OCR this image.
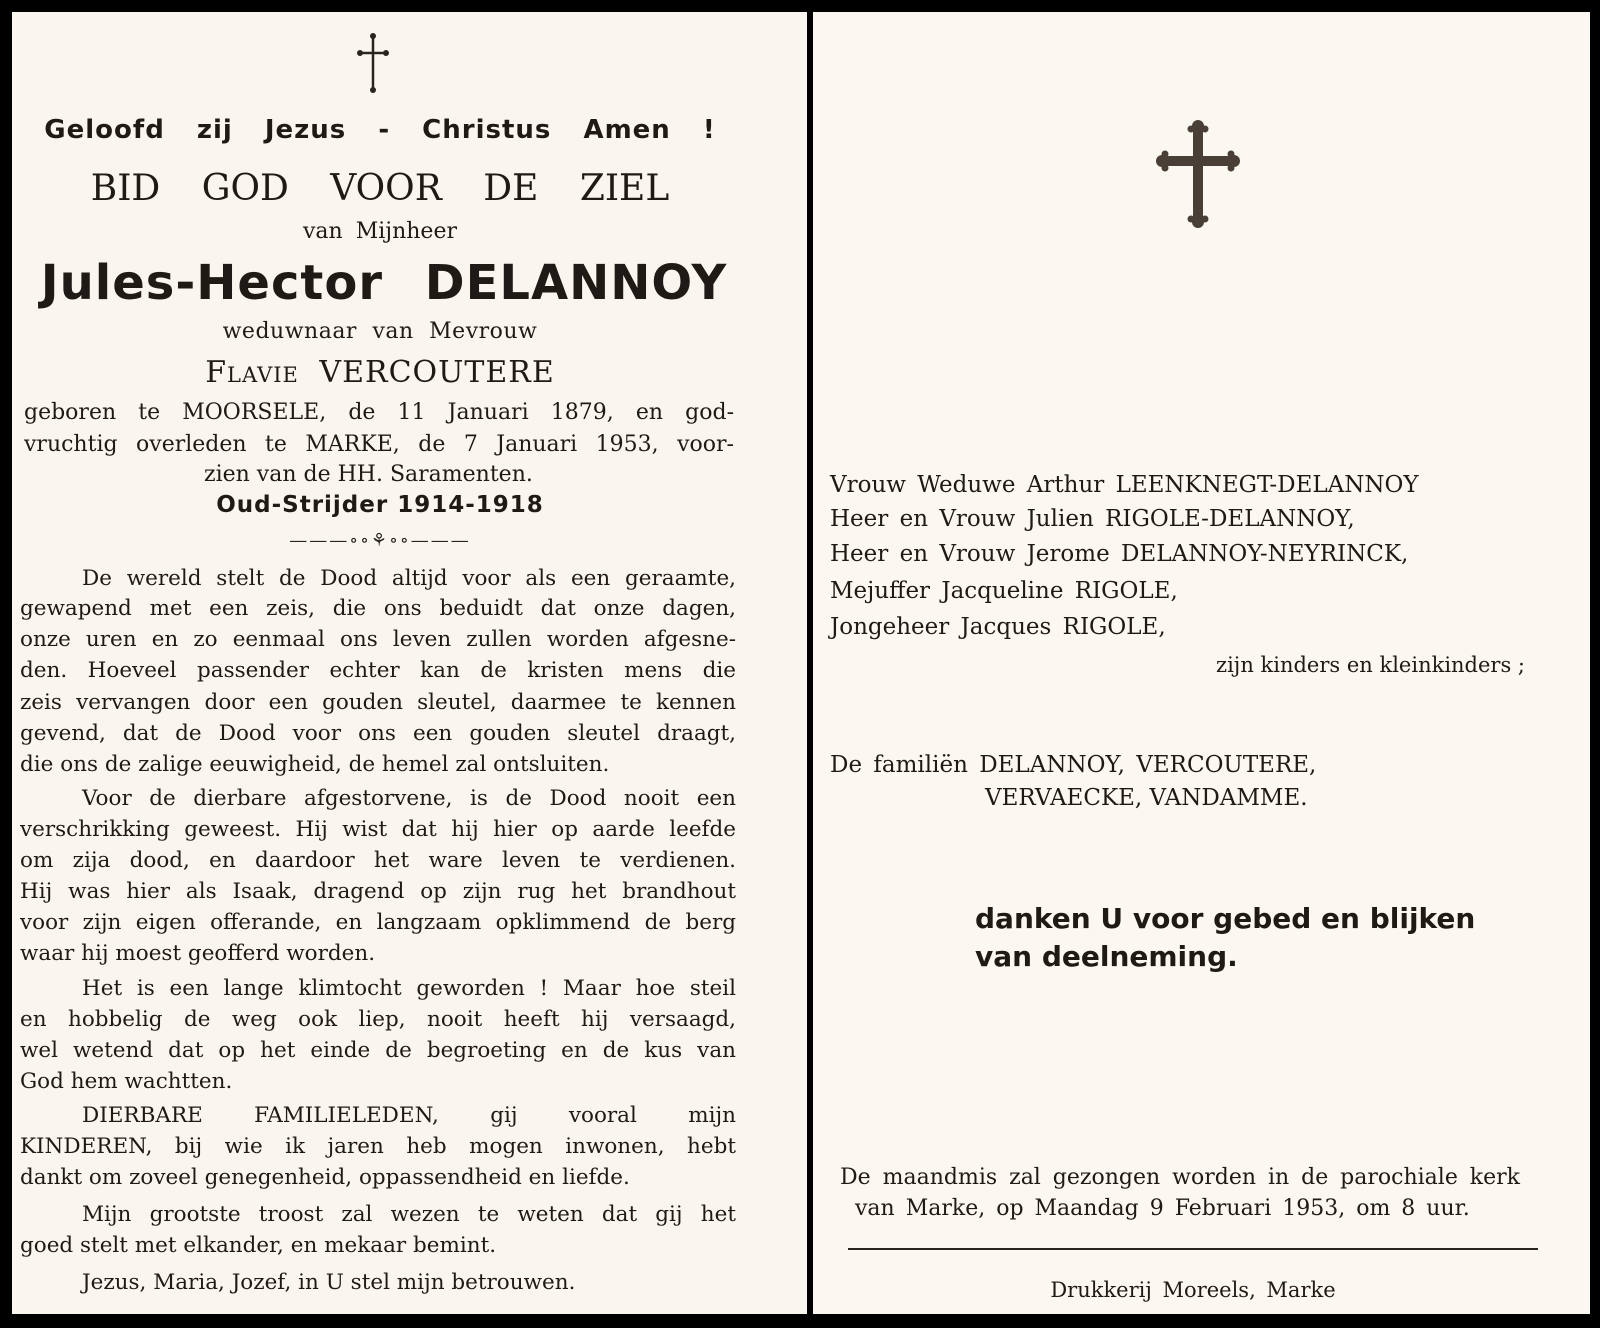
Geloofd zij Jezus - Christus Amen !
BID GOD VOOR DE ZIEL
van Mijnheer
Jules-Hector DELANNOY
weduwnaar van Mevrouw
Flavie VERCOUTERE
geboren te MOORSELE, de 11 Januari 1879, en god-
vruchtig overleden te MARKE, de 7 Januari 1953, voor-
zien van de HH. Saramenten.
Oud-Strijder 1914-1918
———∘∘⚘∘∘———
De wereld stelt de Dood altijd voor als een geraamte,
gewapend met een zeis, die ons beduidt dat onze dagen,
onze uren en zo eenmaal ons leven zullen worden afgesne-
den. Hoeveel passender echter kan de kristen mens die
zeis vervangen door een gouden sleutel, daarmee te kennen
gevend, dat de Dood voor ons een gouden sleutel draagt,
die ons de zalige eeuwigheid, de hemel zal ontsluiten.
Voor de dierbare afgestorvene, is de Dood nooit een
verschrikking geweest. Hij wist dat hij hier op aarde leefde
om zija dood, en daardoor het ware leven te verdienen.
Hij was hier als Isaak, dragend op zijn rug het brandhout
voor zijn eigen offerande, en langzaam opklimmend de berg
waar hij moest geofferd worden.
Het is een lange klimtocht geworden ! Maar hoe steil
en hobbelig de weg ook liep, nooit heeft hij versaagd,
wel wetend dat op het einde de begroeting en de kus van
God hem wachtten.
DIERBARE FAMILIELEDEN, gij vooral mijn
KINDEREN, bij wie ik jaren heb mogen inwonen, hebt
dankt om zoveel genegenheid, oppassendheid en liefde.
Mijn grootste troost zal wezen te weten dat gij het
goed stelt met elkander, en mekaar bemint.
Jezus, Maria, Jozef, in U stel mijn betrouwen.
Vrouw Weduwe Arthur LEENKNEGT-DELANNOY
Heer en Vrouw Julien RIGOLE-DELANNOY,
Heer en Vrouw Jerome DELANNOY-NEYRINCK,
Mejuffer Jacqueline RIGOLE,
Jongeheer Jacques RIGOLE,
zijn kinders en kleinkinders ;
De familiën DELANNOY, VERCOUTERE,
VERVAECKE, VANDAMME.
danken U voor gebed en blijken
van deelneming.
De maandmis zal gezongen worden in de parochiale kerk
van Marke, op Maandag 9 Februari 1953, om 8 uur.
Drukkerij Moreels, Marke
